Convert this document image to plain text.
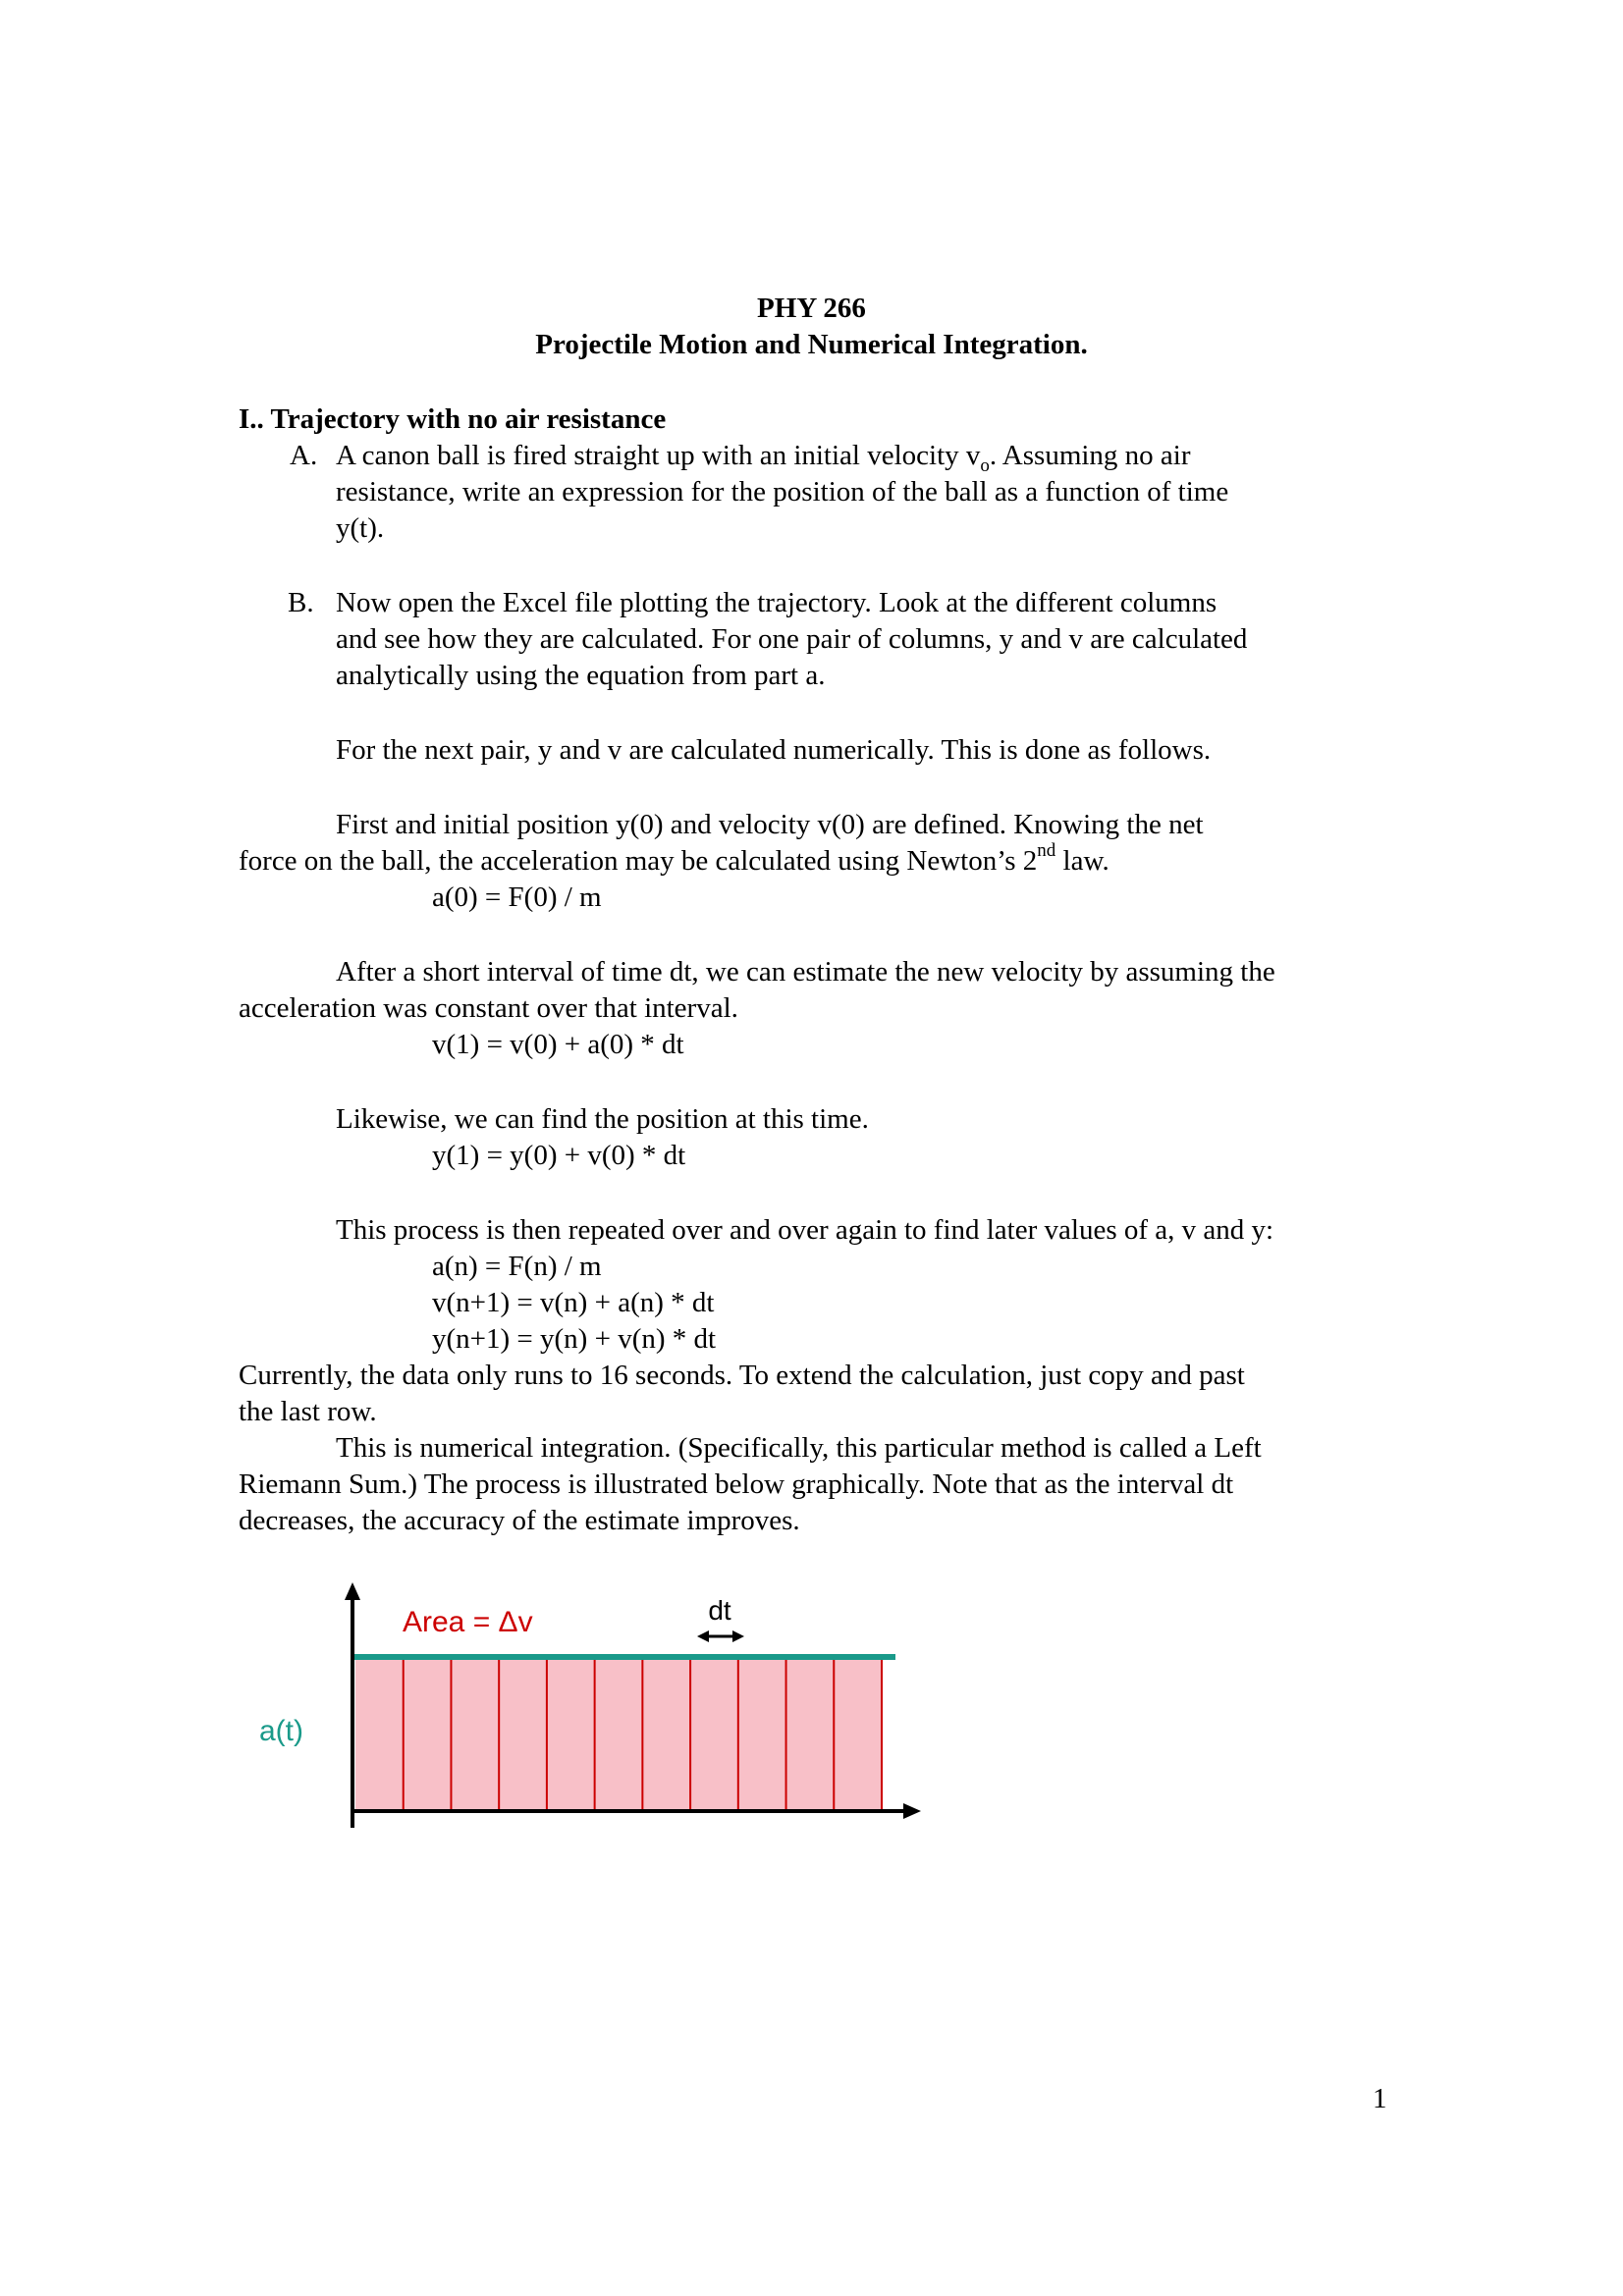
PHY 266
Projectile Motion and Numerical Integration.
I.. Trajectory with no air resistance
A. A canon ball is fired straight up with an initial velocity $v_o$. Assuming no air
resistance, write an expression for the position of the ball as a function of time
y(t).
B. Now open the Excel file plotting the trajectory. Look at the different columns
and see how they are calculated. For one pair of columns, y and v are calculated
analytically using the equation from part a.
For the next pair, y and v are calculated numerically. This is done as follows.
First and initial position y(0) and velocity v(0) are defined. Knowing the net
force on the ball, the acceleration may be calculated using Newton’s 2nd law.
a(0) = F(0) / m
After a short interval of time dt, we can estimate the new velocity by assuming the
acceleration was constant over that interval.
v(1) = v(0) + a(0) * dt
Likewise, we can find the position at this time.
y(1) = y(0) + v(0) * dt
This process is then repeated over and over again to find later values of a, v and y:
a(n) = F(n) / m
v(n+1) = v(n) + a(n) * dt
y(n+1) = y(n) + v(n) * dt
Currently, the data only runs to 16 seconds. To extend the calculation, just copy and past
the last row.
This is numerical integration. (Specifically, this particular method is called a Left
Riemann Sum.) The process is illustrated below graphically. Note that as the interval dt
decreases, the accuracy of the estimate improves.
dt
Area = Δv
a(t)
1
